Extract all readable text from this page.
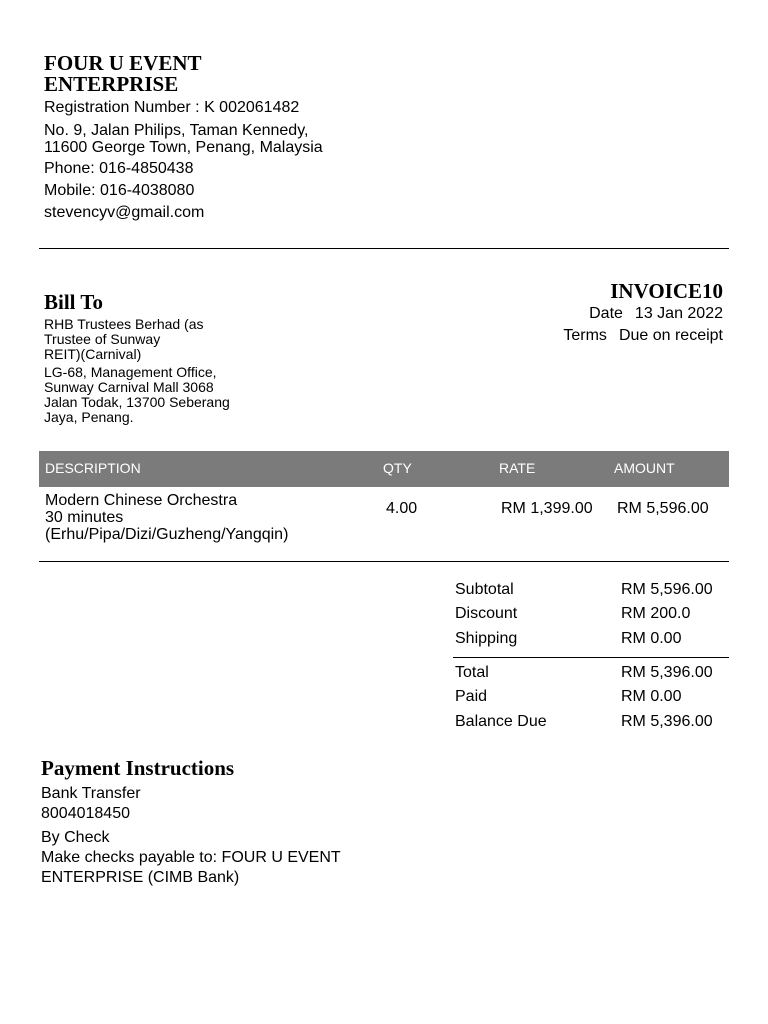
FOUR U EVENT
ENTERPRISE
Registration Number : K 002061482
No. 9, Jalan Philips, Taman Kennedy,
11600 George Town, Penang, Malaysia
Phone: 016-4850438
Mobile: 016-4038080
stevencyv@gmail.com
Bill To
RHB Trustees Berhad (as
Trustee of Sunway
REIT)(Carnival)
LG-68, Management Office,
Sunway Carnival Mall 3068
Jalan Todak, 13700 Seberang
Jaya, Penang.
INVOICE10
Date 13 Jan 2022
Terms Due on receipt
DESCRIPTION	QTY	RATE	AMOUNT
Modern Chinese Orchestra
30 minutes
(Erhu/Pipa/Dizi/Guzheng/Yangqin)
4.00	RM 1,399.00 RM 5,596.00
Subtotal	RM 5,596.00
Discount	RM 200.0
Shipping	RM 0.00
Total	RM 5,396.00
Paid	RM 0.00
Balance Due	RM 5,396.00
Payment Instructions
Bank Transfer
8004018450
By Check
Make checks payable to: FOUR U EVENT
ENTERPRISE (CIMB Bank)
